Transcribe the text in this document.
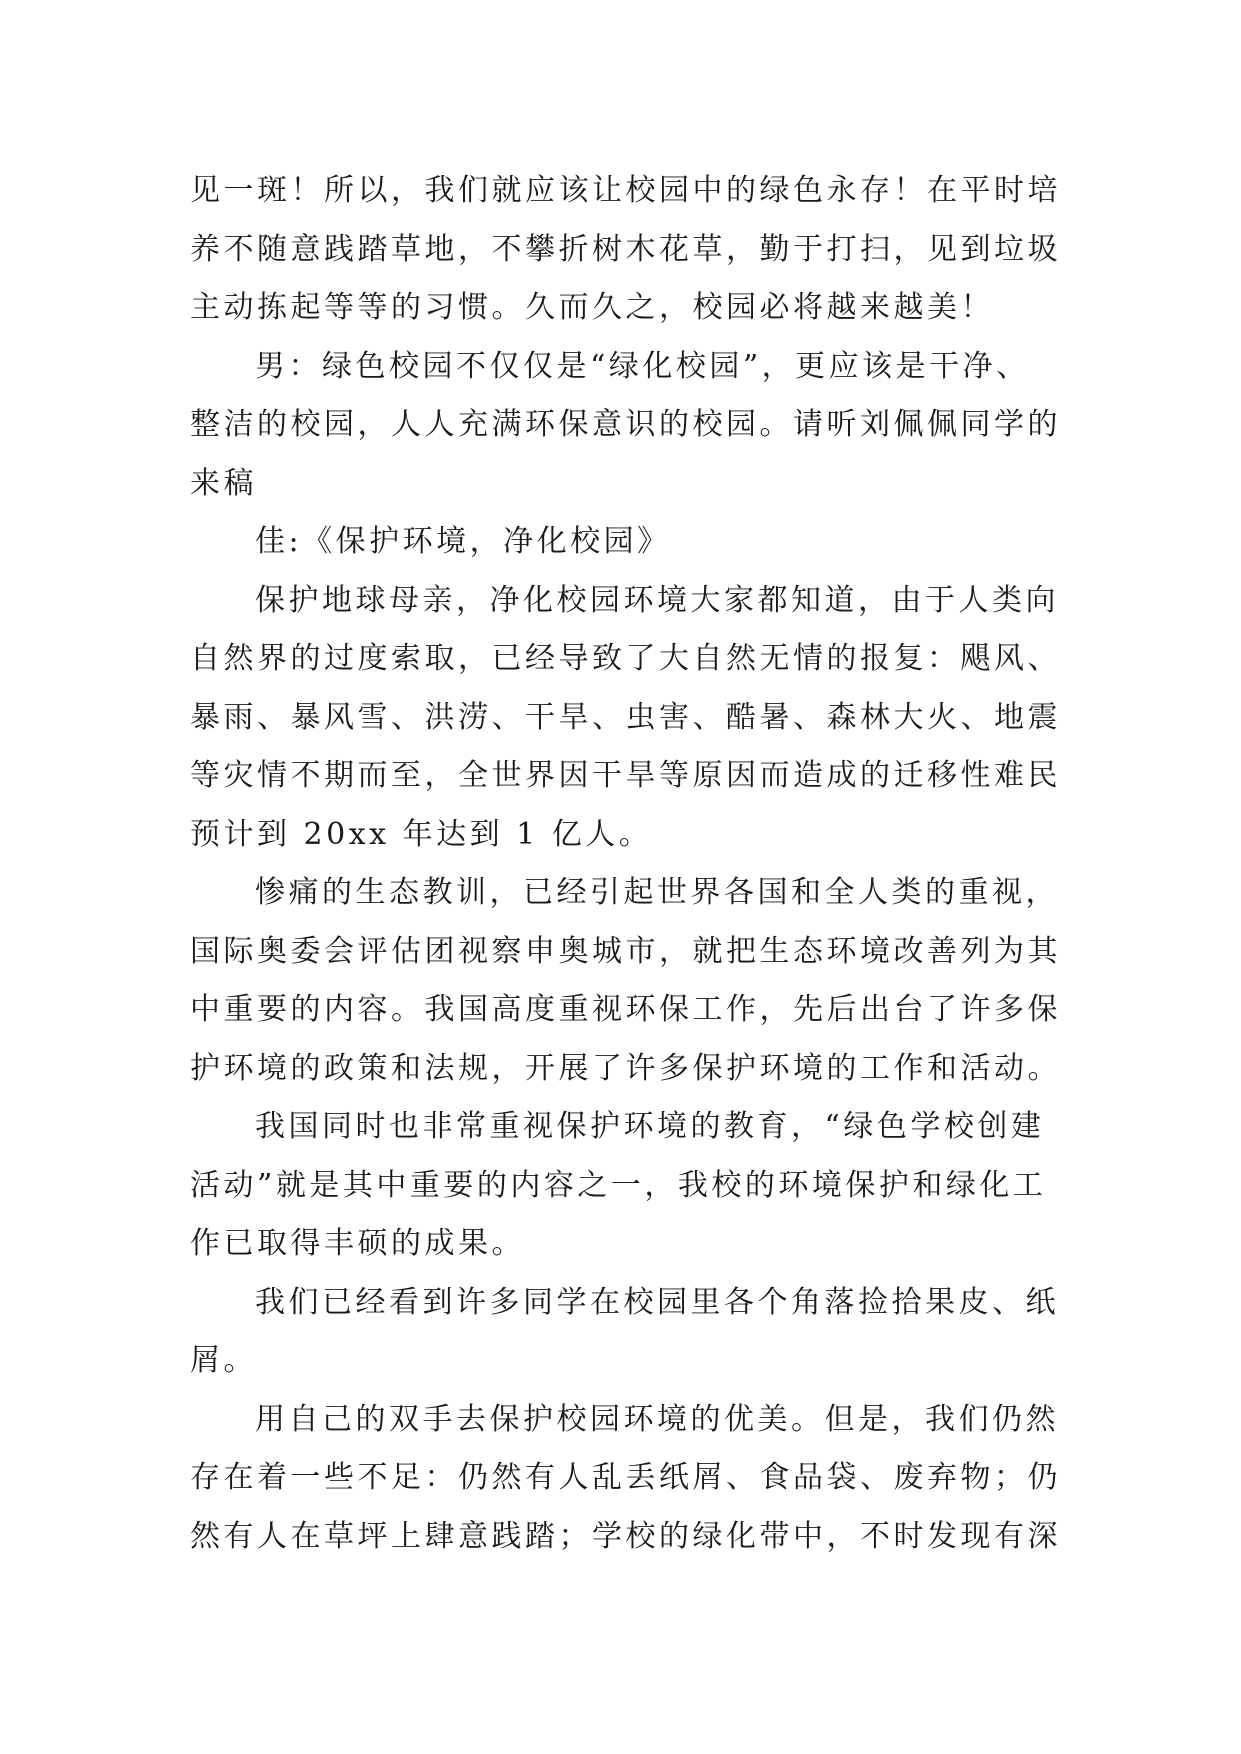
见一斑！所以，我们就应该让校园中的绿色永存！在平时培
养不随意践踏草地，不攀折树木花草，勤于打扫，见到垃圾
主动拣起等等的习惯。久而久之，校园必将越来越美！

男：绿色校园不仅仅是“绿化校园”，更应该是干净、
整洁的校园，人人充满环保意识的校园。请听刘佩佩同学的
来稿

佳:《保护环境，净化校园》

保护地球母亲，净化校园环境大家都知道，由于人类向
自然界的过度索取，已经导致了大自然无情的报复：飓风、
暴雨、暴风雪、洪涝、干旱、虫害、酷暑、森林大火、地震
等灾情不期而至，全世界因干旱等原因而造成的迁移性难民
预计到 20xx 年达到 1 亿人。

惨痛的生态教训，已经引起世界各国和全人类的重视，
国际奥委会评估团视察申奥城市，就把生态环境改善列为其
中重要的内容。我国高度重视环保工作，先后出台了许多保
护环境的政策和法规，开展了许多保护环境的工作和活动。

我国同时也非常重视保护环境的教育，“绿色学校创建
活动”就是其中重要的内容之一，我校的环境保护和绿化工
作已取得丰硕的成果。

我们已经看到许多同学在校园里各个角落捡拾果皮、纸
屑。

用自己的双手去保护校园环境的优美。但是，我们仍然
存在着一些不足：仍然有人乱丢纸屑、食品袋、废弃物；仍
然有人在草坪上肆意践踏；学校的绿化带中，不时发现有深
